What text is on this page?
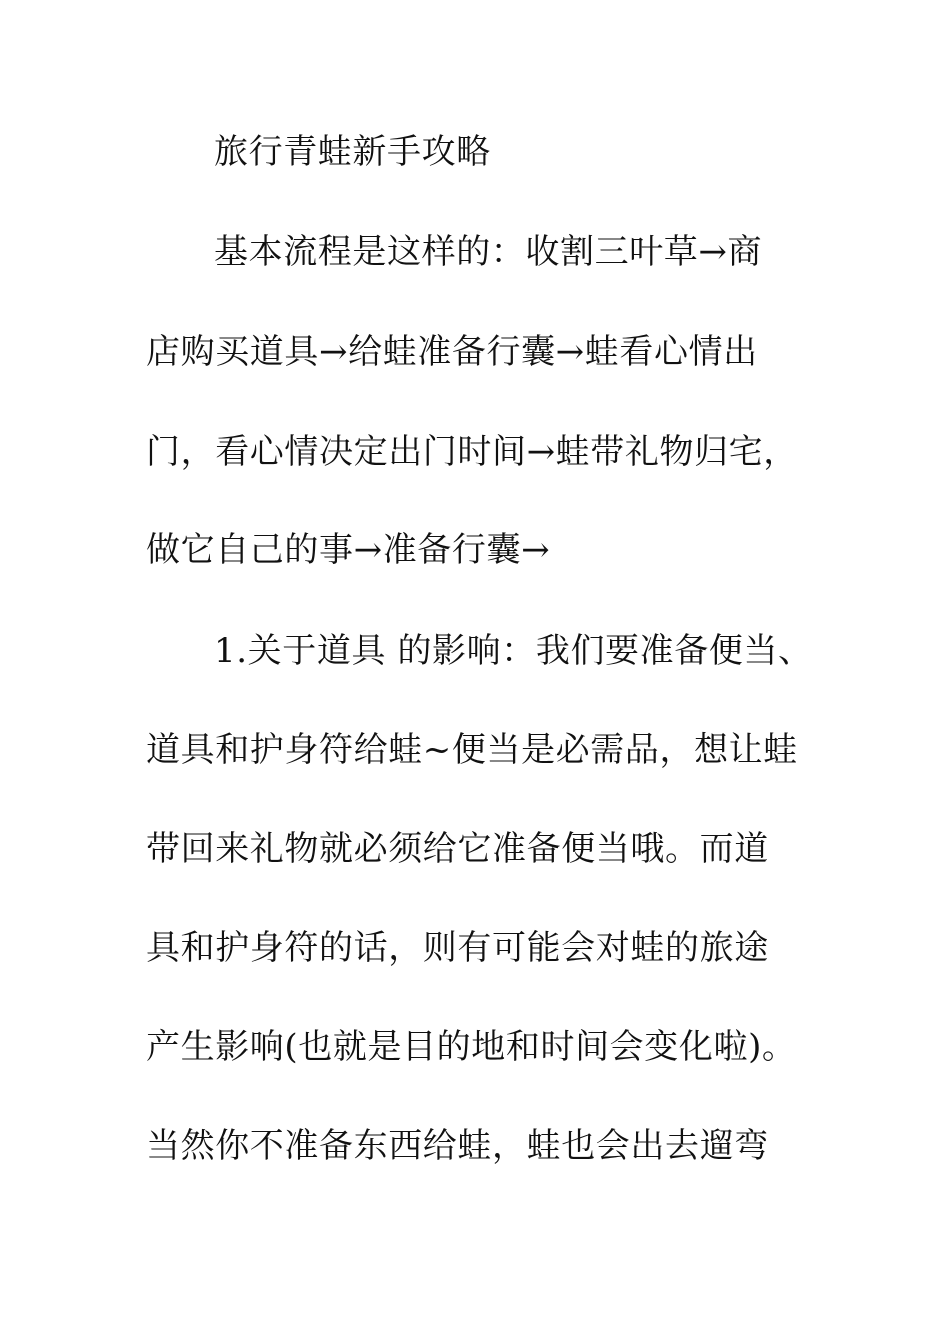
旅行青蛙新手攻略
基本流程是这样的：收割三叶草→商
店购买道具→给蛙准备行囊→蛙看心情出
门，看心情决定出门时间→蛙带礼物归宅，
做它自己的事→准备行囊→
1.关于道具 的影响：我们要准备便当、
道具和护身符给蛙~便当是必需品，想让蛙
带回来礼物就必须给它准备便当哦。而道
具和护身符的话，则有可能会对蛙的旅途
产生影响(也就是目的地和时间会变化啦)。
当然你不准备东西给蛙，蛙也会出去遛弯
